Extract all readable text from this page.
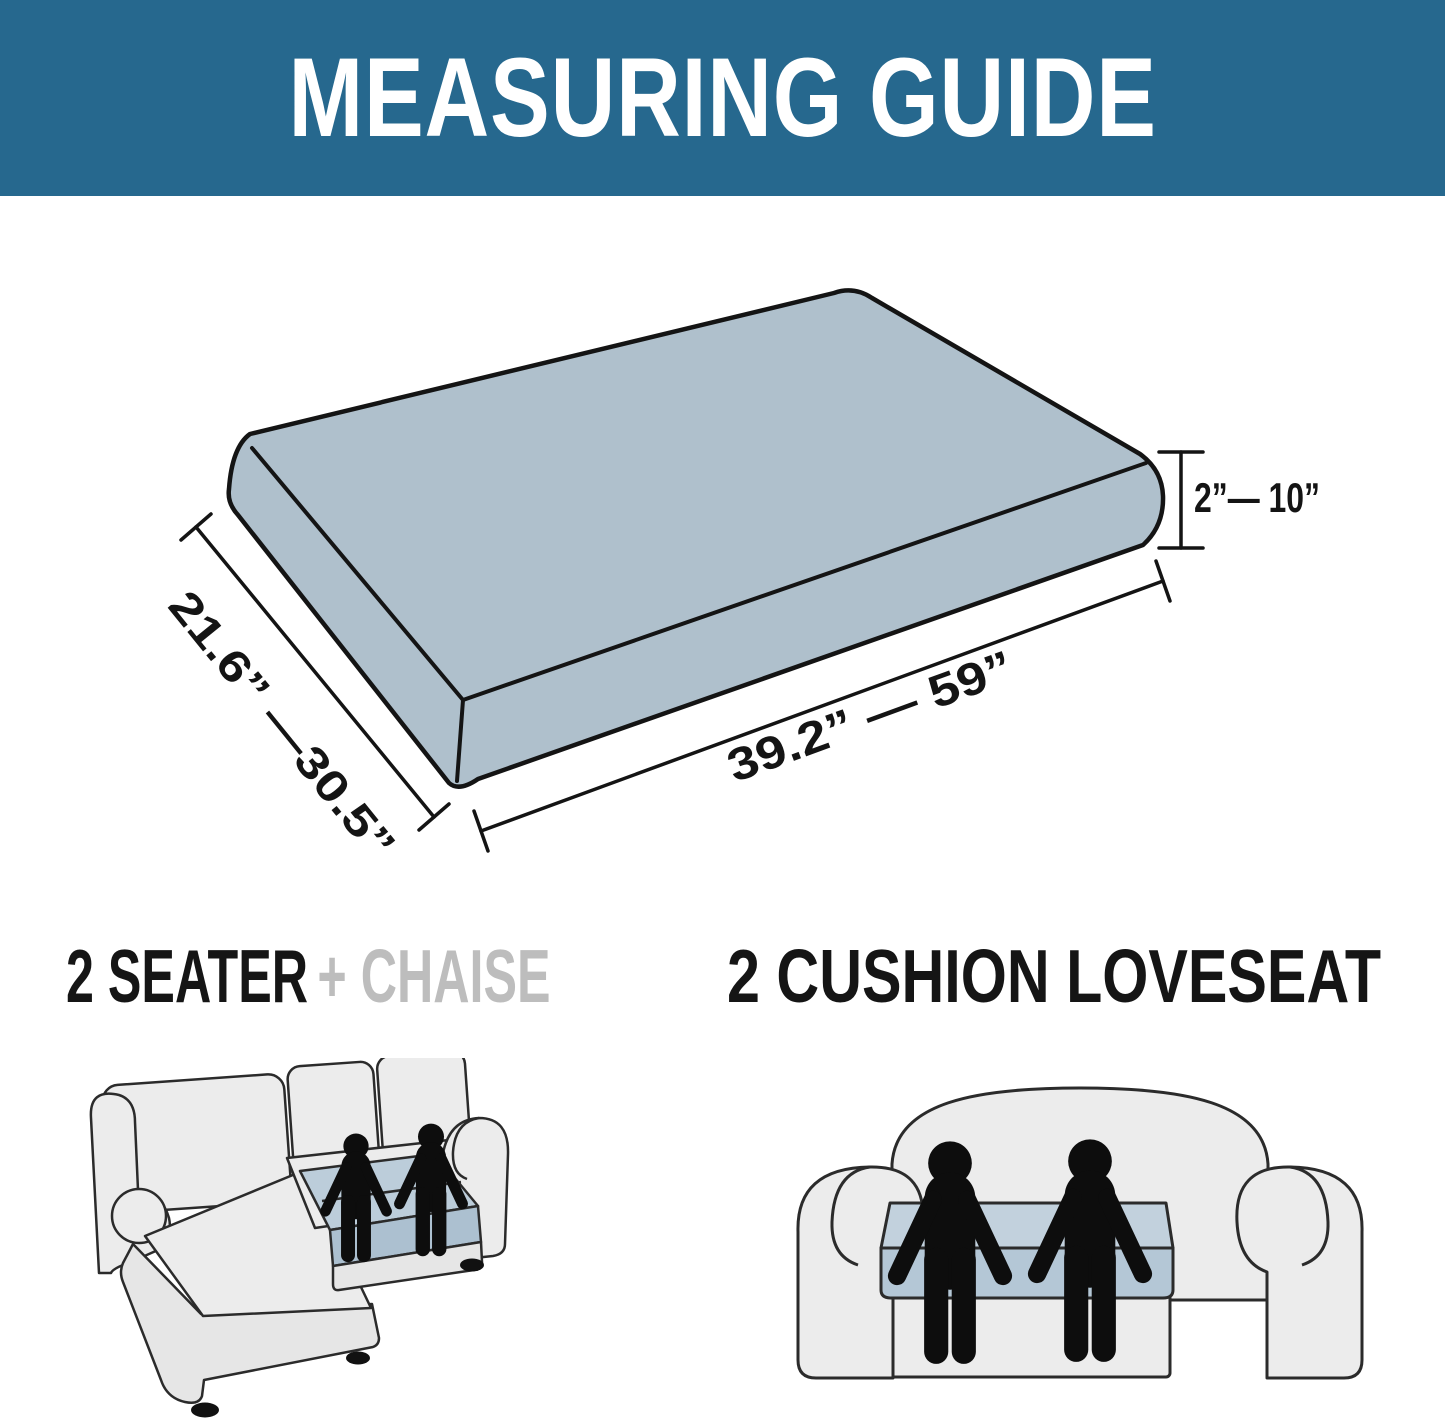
MEASURING GUIDE
2”— 10”
21.6” —30.5”	39.2” — 59”
2 SEATER + CHAISE	2 CUSHION LOVESEAT
